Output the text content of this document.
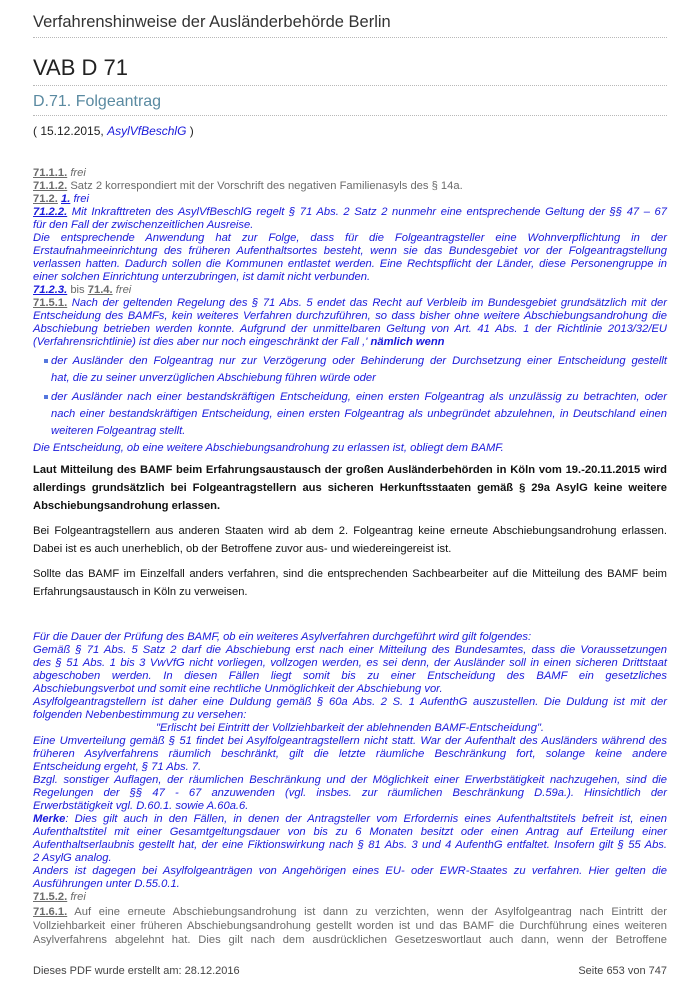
Verfahrenshinweise der Ausländerbehörde Berlin
VAB D 71
D.71. Folgeantrag
( 15.12.2015, AsylVfBeschlG )
71.1.1. frei
71.1.2. Satz 2 korrespondiert mit der Vorschrift des negativen Familienasyls des § 14a.
71.2. 1. frei
71.2.2. Mit Inkrafttreten des AsylVfBeschlG regelt § 71 Abs. 2 Satz 2 nunmehr eine entsprechende Geltung der §§ 47 – 67
für den Fall der zwischenzeitlichen Ausreise.
Die entsprechende Anwendung hat zur Folge, dass für die Folgeantragsteller eine Wohnverpflichtung in der
Erstaufnahmeeinrichtung des früheren Aufenthaltsortes besteht, wenn sie das Bundesgebiet vor der Folgeantragstellung
verlassen hatten. Dadurch sollen die Kommunen entlastet werden. Eine Rechtspflicht der Länder, diese Personengruppe in
einer solchen Einrichtung unterzubringen, ist damit nicht verbunden.
71.2.3. bis 71.4. frei
71.5.1. Nach der geltenden Regelung des § 71 Abs. 5 endet das Recht auf Verbleib im Bundesgebiet grundsätzlich mit der
Entscheidung des BAMFs, kein weiteres Verfahren durchzuführen, so dass bisher ohne weitere Abschiebungsandrohung die
Abschiebung betrieben werden konnte. Aufgrund der unmittelbaren Geltung von Art. 41 Abs. 1 der Richtlinie 2013/32/EU
(Verfahrensrichtlinie) ist dies aber nur noch eingeschränkt der Fall ,' nämlich wenn
der Ausländer den Folgeantrag nur zur Verzögerung oder Behinderung der Durchsetzung einer Entscheidung gestellt
hat, die zu seiner unverzüglichen Abschiebung führen würde oder
der Ausländer nach einer bestandskräftigen Entscheidung, einen ersten Folgeantrag als unzulässig zu betrachten, oder
nach einer bestandskräftigen Entscheidung, einen ersten Folgeantrag als unbegründet abzulehnen, in Deutschland einen
weiteren Folgeantrag stellt.
Die Entscheidung, ob eine weitere Abschiebungsandrohung zu erlassen ist, obliegt dem BAMF.
Laut Mitteilung des BAMF beim Erfahrungsaustausch der großen Ausländerbehörden in Köln vom 19.-20.11.2015 wird allerdings grundsätzlich bei Folgeantragstellern aus sicheren Herkunftsstaaten gemäß § 29a AsylG keine weitere Abschiebungsandrohung erlassen.
Bei Folgeantragstellern aus anderen Staaten wird ab dem 2. Folgeantrag keine erneute Abschiebungsandrohung erlassen. Dabei ist es auch unerheblich, ob der Betroffene zuvor aus- und wiedereingereist ist.
Sollte das BAMF im Einzelfall anders verfahren, sind die entsprechenden Sachbearbeiter auf die Mitteilung des BAMF beim Erfahrungsaustausch in Köln zu verweisen.
Für die Dauer der Prüfung des BAMF, ob ein weiteres Asylverfahren durchgeführt wird gilt folgendes:
Gemäß § 71 Abs. 5 Satz 2 darf die Abschiebung erst nach einer Mitteilung des Bundesamtes, dass die Voraussetzungen
des § 51 Abs. 1 bis 3 VwVfG nicht vorliegen, vollzogen werden, es sei denn, der Ausländer soll in einen sicheren Drittstaat
abgeschoben werden. In diesen Fällen liegt somit bis zu einer Entscheidung des BAMF ein gesetzliches
Abschiebungsverbot und somit eine rechtliche Unmöglichkeit der Abschiebung vor.
Asylfolgeantragstellern ist daher eine Duldung gemäß § 60a Abs. 2 S. 1 AufenthG auszustellen. Die Duldung ist mit der
folgenden Nebenbestimmung zu versehen:
"Erlischt bei Eintritt der Vollziehbarkeit der ablehnenden BAMF-Entscheidung".
Eine Umverteilung gemäß § 51 findet bei Asylfolgeantragstellern nicht statt. War der Aufenthalt des Ausländers während des
früheren Asylverfahrens räumlich beschränkt, gilt die letzte räumliche Beschränkung fort, solange keine andere
Entscheidung ergeht, § 71 Abs. 7.
Bzgl. sonstiger Auflagen, der räumlichen Beschränkung und der Möglichkeit einer Erwerbstätigkeit nachzugehen, sind die
Regelungen der §§ 47 - 67 anzuwenden (vgl. insbes. zur räumlichen Beschränkung D.59a.). Hinsichtlich der
Erwerbstätigkeit vgl. D.60.1. sowie A.60a.6.
Merke: Dies gilt auch in den Fällen, in denen der Antragsteller vom Erfordernis eines Aufenthaltstitels befreit ist, einen
Aufenthaltstitel mit einer Gesamtgeltungsdauer von bis zu 6 Monaten besitzt oder einen Antrag auf Erteilung einer
Aufenthaltserlaubnis gestellt hat, der eine Fiktionswirkung nach § 81 Abs. 3 und 4 AufenthG entfaltet. Insofern gilt § 55 Abs.
2 AsylG analog.
Anders ist dagegen bei Asylfolgeanträgen von Angehörigen eines EU- oder EWR-Staates zu verfahren. Hier gelten die
Ausführungen unter D.55.0.1.
71.5.2. frei
71.6.1. Auf eine erneute Abschiebungsandrohung ist dann zu verzichten, wenn der Asylfolgeantrag nach Eintritt der
Vollziehbarkeit einer früheren Abschiebungsandrohung gestellt worden ist und das BAMF die Durchführung eines weiteren
Asylverfahrens abgelehnt hat. Dies gilt nach dem ausdrücklichen Gesetzeswortlaut auch dann, wenn der Betroffene
Dieses PDF wurde erstellt am: 28.12.2016	Seite 653 von 747
